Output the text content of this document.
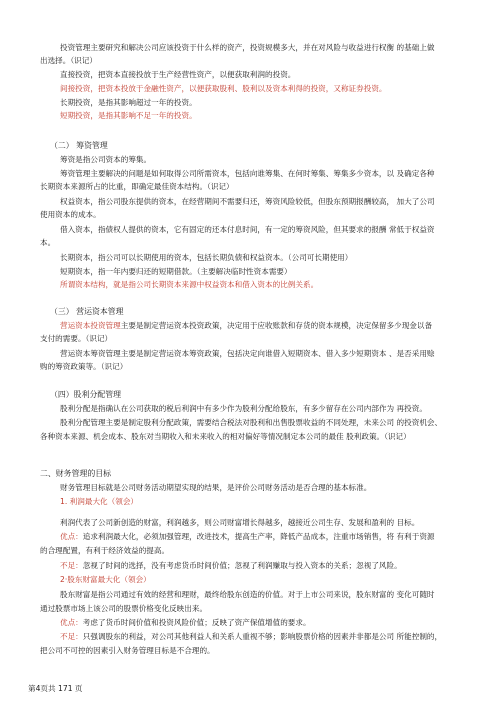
投资管理主要研究和解决公司应该投资于什么样的资产，投资规模多大，并在对风险与收益进行权衡 的基础上做
出选择。（识记）
直接投资，把资本直接投放于生产经营性资产，以便获取利润的投资。
间接投资，把资本投放于金融性资产，以便获取股利、股利以及资本利得的投资，又称证券投资。
长期投资，是指其影响超过一年的投资。
短期投资，是指其影响不足一年的投资。
（二） 筹资管理
筹资是指公司资本的筹集。
筹资管理主要解决的问题是如何取得公司所需资本，包括向谁筹集、在何时筹集、筹集多少资本，以 及确定各种
长期资本来源所占的比重，即确定最佳资本结构。（识记）
权益资本，指公司股东提供的资本，在经营期间不需要归还，筹资风险较低，但股东预期报酬较高， 加大了公司
使用资本的成本。
借入资本，指债权人提供的资本，它有固定的还本付息时间，有一定的筹资风险，但其要求的报酬 常低于权益资
本。
长期资本，指公司可以长期使用的资本，包括长期负债和权益资本。（公司可长期使用）
短期资本，指一年内要归还的短期借款。（主要解决临时性资本需要）
所谓资本结构，就是指公司长期资本来源中权益资本和借入资本的比例关系。
（三） 营运资本管理
营运资本投资管理主要是制定营运资本投资政策，决定用于应收账款和存货的资本规模，决定保留多少现金以备
支付的需要。（识记）
营运资本筹资管理主要是制定营运资本筹资政策，包括决定向谁借入短期资本、借入多少短期资本 、是否采用赊
购的筹资政策等。（识记）
（四）股利分配管理
股利分配是指确认在公司获取的税后利润中有多少作为股利分配给股东，有多少留存在公司内部作为 再投资。
股利分配管理主要是制定股利分配政策，需要结合税法对股利和出售股票收益的不同处理，未来公司 的投资机会、
各种资本来源、机会成本、股东对当期收入和未来收入的相对偏好等情况制定本公司的最佳 股利政策。（识记）
二、财务管理的目标
财务管理目标就是公司财务活动期望实现的结果，是评价公司财务活动是否合理的基本标准。
1. 利润最大化（领会）
利润代表了公司新创造的财富，利润越多，则公司财富增长得越多，越接近公司生存、发展和盈利的 目标。
优点：追求利润最大化，必须加强管理，改进技术，提高生产率，降低产品成本，注重市场销售，将 有利于资源
的合理配置，有利于经济效益的提高。
不足：忽视了时间的选择，没有考虑货币时间价值；忽视了利润赚取与投入资本的关系；忽视了风险。
2·股东财富最大化（领会）
股东财富是指公司通过有效的经营和理财，最终给股东创造的价值。对于上市公司来说，股东财富的 变化可随时
通过股票市场上该公司的股票价格变化反映出来。
优点：考虑了货币时间价值和投资风险价值；反映了资产保值增值的要求。
不足：只强调股东的利益，对公司其他利益人和关系人重视不够；影响股票价格的因素并非都是公司 所能控制的，
把公司不可控的因素引入财务管理目标是不合理的。
第4页共 171 页
